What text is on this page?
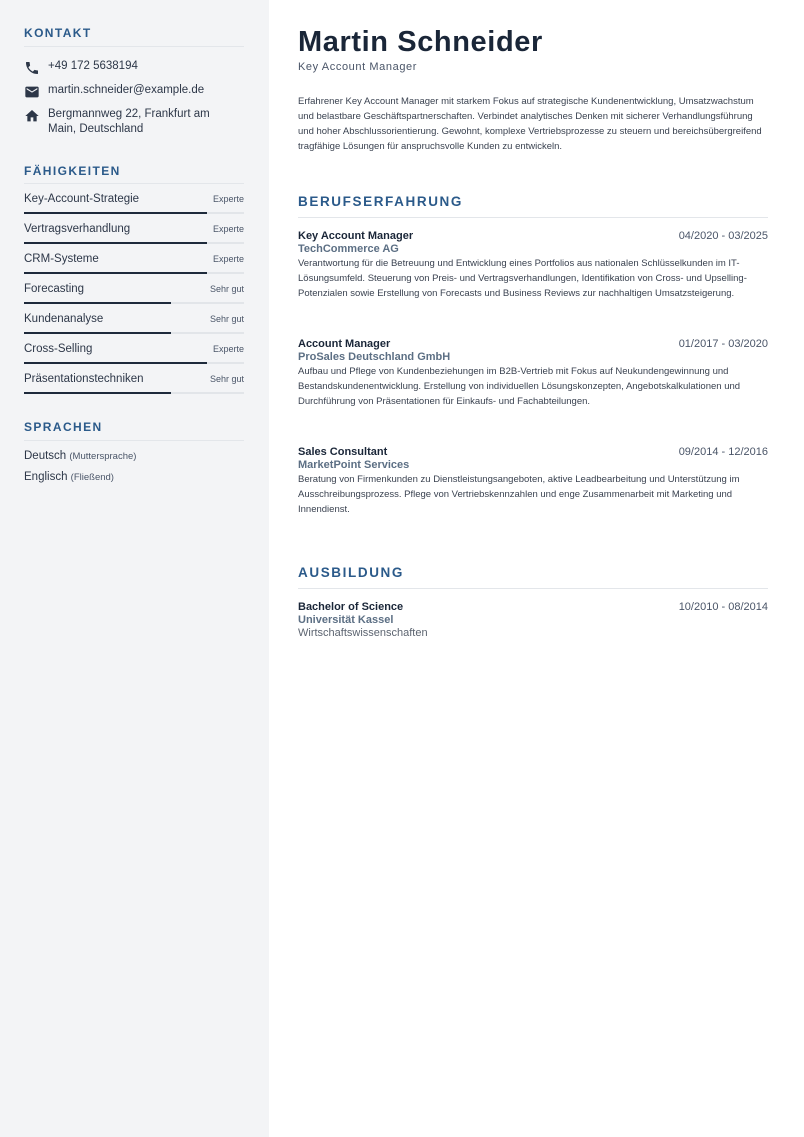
KONTAKT
+49 172 5638194
martin.schneider@example.de
Bergmannweg 22, Frankfurt am Main, Deutschland
FÄHIGKEITEN
Key-Account-Strategie	Experte
Vertragsverhandlung	Experte
CRM-Systeme	Experte
Forecasting	Sehr gut
Kundenanalyse	Sehr gut
Cross-Selling	Experte
Präsentationstechniken	Sehr gut
SPRACHEN
Deutsch (Muttersprache)
Englisch (Fließend)
Martin Schneider
Key Account Manager
Erfahrener Key Account Manager mit starkem Fokus auf strategische Kundenentwicklung, Umsatzwachstum und belastbare Geschäftspartnerschaften. Verbindet analytisches Denken mit sicherer Verhandlungsführung und hoher Abschlussorientierung. Gewohnt, komplexe Vertriebsprozesse zu steuern und bereichsübergreifend tragfähige Lösungen für anspruchsvolle Kunden zu entwickeln.
BERUFSERFAHRUNG
Key Account Manager	04/2020 - 03/2025
TechCommerce AG
Verantwortung für die Betreuung und Entwicklung eines Portfolios aus nationalen Schlüsselkunden im IT-Lösungsumfeld. Steuerung von Preis- und Vertragsverhandlungen, Identifikation von Cross- und Upselling-Potenzialen sowie Erstellung von Forecasts und Business Reviews zur nachhaltigen Umsatzsteigerung.
Account Manager	01/2017 - 03/2020
ProSales Deutschland GmbH
Aufbau und Pflege von Kundenbeziehungen im B2B-Vertrieb mit Fokus auf Neukundengewinnung und Bestandskundenentwicklung. Erstellung von individuellen Lösungskonzepten, Angebotskalkulationen und Durchführung von Präsentationen für Einkaufs- und Fachabteilungen.
Sales Consultant	09/2014 - 12/2016
MarketPoint Services
Beratung von Firmenkunden zu Dienstleistungsangeboten, aktive Leadbearbeitung und Unterstützung im Ausschreibungsprozess. Pflege von Vertriebskennzahlen und enge Zusammenarbeit mit Marketing und Innendienst.
AUSBILDUNG
Bachelor of Science	10/2010 - 08/2014
Universität Kassel
Wirtschaftswissenschaften
